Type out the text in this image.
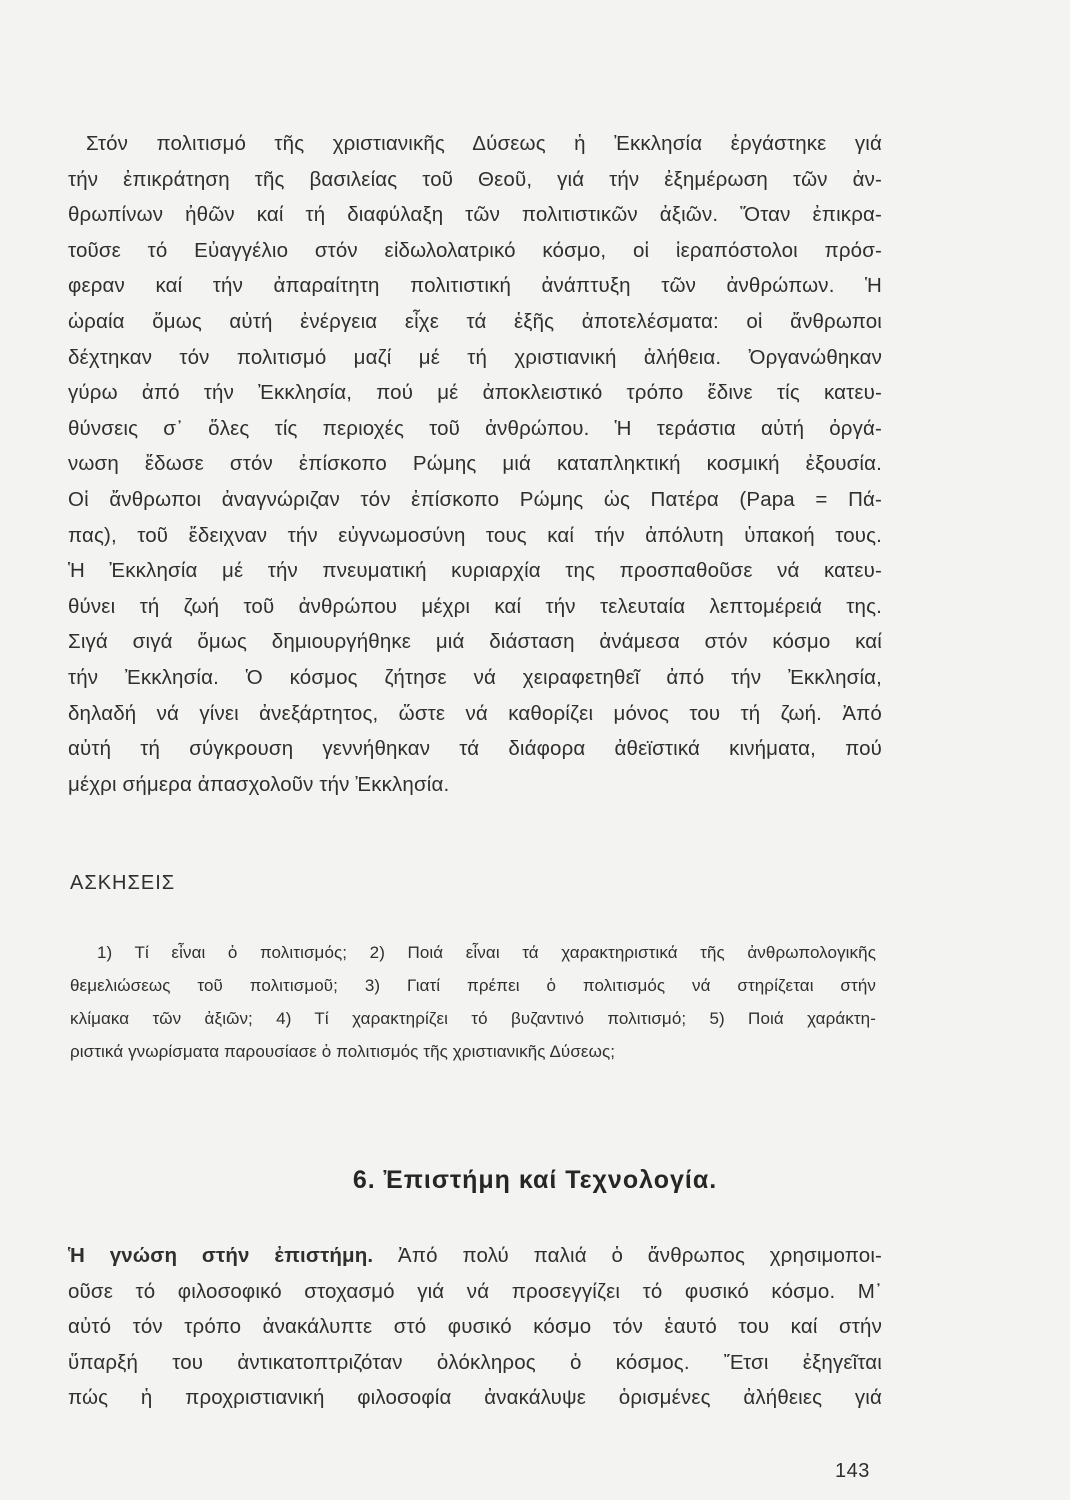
Στόν πολιτισμό τῆς χριστιανικῆς Δύσεως ἡ Ἐκκλησία ἐργάστηκε γιά
τήν ἐπικράτηση τῆς βασιλείας τοῦ Θεοῦ, γιά τήν ἐξημέρωση τῶν ἀν-
θρωπίνων ἠθῶν καί τή διαφύλαξη τῶν πολιτιστικῶν ἀξιῶν. Ὅταν ἐπικρα-
τοῦσε τό Εὐαγγέλιο στόν εἰδωλολατρικό κόσμο, οἱ ἱεραπόστολοι πρόσ-
φεραν καί τήν ἀπαραίτητη πολιτιστική ἀνάπτυξη τῶν ἀνθρώπων. Ἡ
ὡραία ὅμως αὐτή ἐνέργεια εἶχε τά ἑξῆς ἀποτελέσματα: οἱ ἄνθρωποι
δέχτηκαν τόν πολιτισμό μαζί μέ τή χριστιανική ἀλήθεια. Ὀργανώθηκαν
γύρω ἀπό τήν Ἐκκλησία, πού μέ ἀποκλειστικό τρόπο ἔδινε τίς κατευ-
θύνσεις σ᾽ ὅλες τίς περιοχές τοῦ ἀνθρώπου. Ἡ τεράστια αὐτή ὀργά-
νωση ἔδωσε στόν ἐπίσκοπο Ρώμης μιά καταπληκτική κοσμική ἐξουσία.
Οἱ ἄνθρωποι ἀναγνώριζαν τόν ἐπίσκοπο Ρώμης ὡς Πατέρα (Papa = Πά-
πας), τοῦ ἔδειχναν τήν εὐγνωμοσύνη τους καί τήν ἀπόλυτη ὑπακοή τους.
Ἡ Ἐκκλησία μέ τήν πνευματική κυριαρχία της προσπαθοῦσε νά κατευ-
θύνει τή ζωή τοῦ ἀνθρώπου μέχρι καί τήν τελευταία λεπτομέρειά της.
Σιγά σιγά ὅμως δημιουργήθηκε μιά διάσταση ἀνάμεσα στόν κόσμο καί
τήν Ἐκκλησία. Ὁ κόσμος ζήτησε νά χειραφετηθεῖ ἀπό τήν Ἐκκλησία,
δηλαδή νά γίνει ἀνεξάρτητος, ὥστε νά καθορίζει μόνος του τή ζωή. Ἀπό
αὐτή τή σύγκρουση γεννήθηκαν τά διάφορα ἀθεϊστικά κινήματα, πού
μέχρι σήμερα ἀπασχολοῦν τήν Ἐκκλησία.
ΑΣΚΗΣΕΙΣ
1) Τί εἶναι ὁ πολιτισμός; 2) Ποιά εἶναι τά χαρακτηριστικά τῆς ἀνθρωπολογικῆς
θεμελιώσεως τοῦ πολιτισμοῦ; 3) Γιατί πρέπει ὁ πολιτισμός νά στηρίζεται στήν
κλίμακα τῶν ἀξιῶν; 4) Τί χαρακτηρίζει τό βυζαντινό πολιτισμό; 5) Ποιά χαράκτη-
ριστικά γνωρίσματα παρουσίασε ὁ πολιτισμός τῆς χριστιανικῆς Δύσεως;
6. Ἐπιστήμη καί Τεχνολογία.
Ἡ γνώση στήν ἐπιστήμη. Ἀπό πολύ παλιά ὁ ἄνθρωπος χρησιμοποι-
οῦσε τό φιλοσοφικό στοχασμό γιά νά προσεγγίζει τό φυσικό κόσμο. Μ᾽
αὐτό τόν τρόπο ἀνακάλυπτε στό φυσικό κόσμο τόν ἑαυτό του καί στήν
ὕπαρξή του ἀντικατοπτριζόταν ὁλόκληρος ὁ κόσμος. Ἔτσι ἐξηγεῖται
πώς ἡ προχριστιανική φιλοσοφία ἀνακάλυψε ὁρισμένες ἀλήθειες γιά
143
